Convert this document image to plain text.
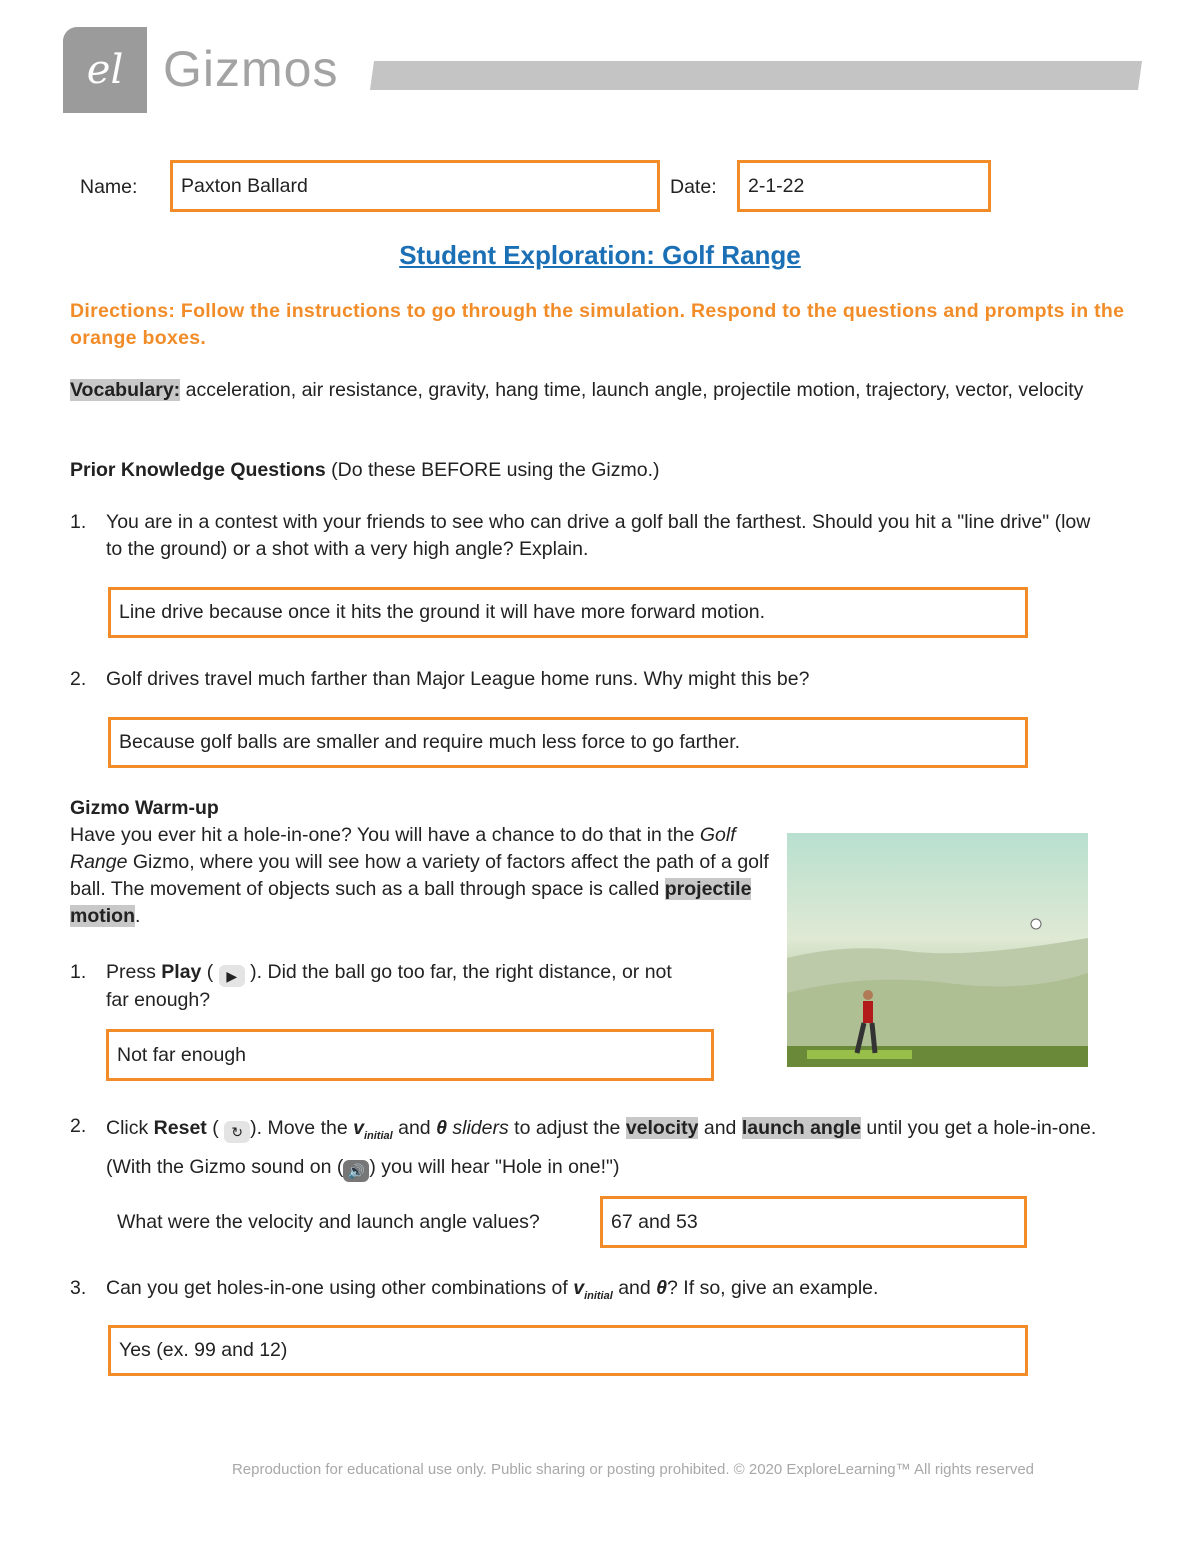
el Gizmos
Name: Paxton Ballard	Date: 2-1-22
Student Exploration: Golf Range
Directions: Follow the instructions to go through the simulation. Respond to the questions and prompts in the orange boxes.
Vocabulary: acceleration, air resistance, gravity, hang time, launch angle, projectile motion, trajectory, vector, velocity
Prior Knowledge Questions (Do these BEFORE using the Gizmo.)
1. You are in a contest with your friends to see who can drive a golf ball the farthest. Should you hit a "line drive" (low to the ground) or a shot with a very high angle? Explain.
Line drive because once it hits the ground it will have more forward motion.
2. Golf drives travel much farther than Major League home runs. Why might this be?
Because golf balls are smaller and require much less force to go farther.
Gizmo Warm-up
Have you ever hit a hole-in-one? You will have a chance to do that in the Golf Range Gizmo, where you will see how a variety of factors affect the path of a golf ball. The movement of objects such as a ball through space is called projectile motion.
1. Press Play ( ▶ ). Did the ball go too far, the right distance, or not far enough?
Not far enough
2. Click Reset ( ↻ ). Move the $v_{initial}$ and θ sliders to adjust the velocity and launch angle until you get a hole-in-one. (With the Gizmo sound on ( 🔊 ) you will hear "Hole in one!")
What were the velocity and launch angle values?	67 and 53
3. Can you get holes-in-one using other combinations of $v_{initial}$ and θ? If so, give an example.
Yes (ex. 99 and 12)
Reproduction for educational use only. Public sharing or posting prohibited. © 2020 ExploreLearning™ All rights reserved
